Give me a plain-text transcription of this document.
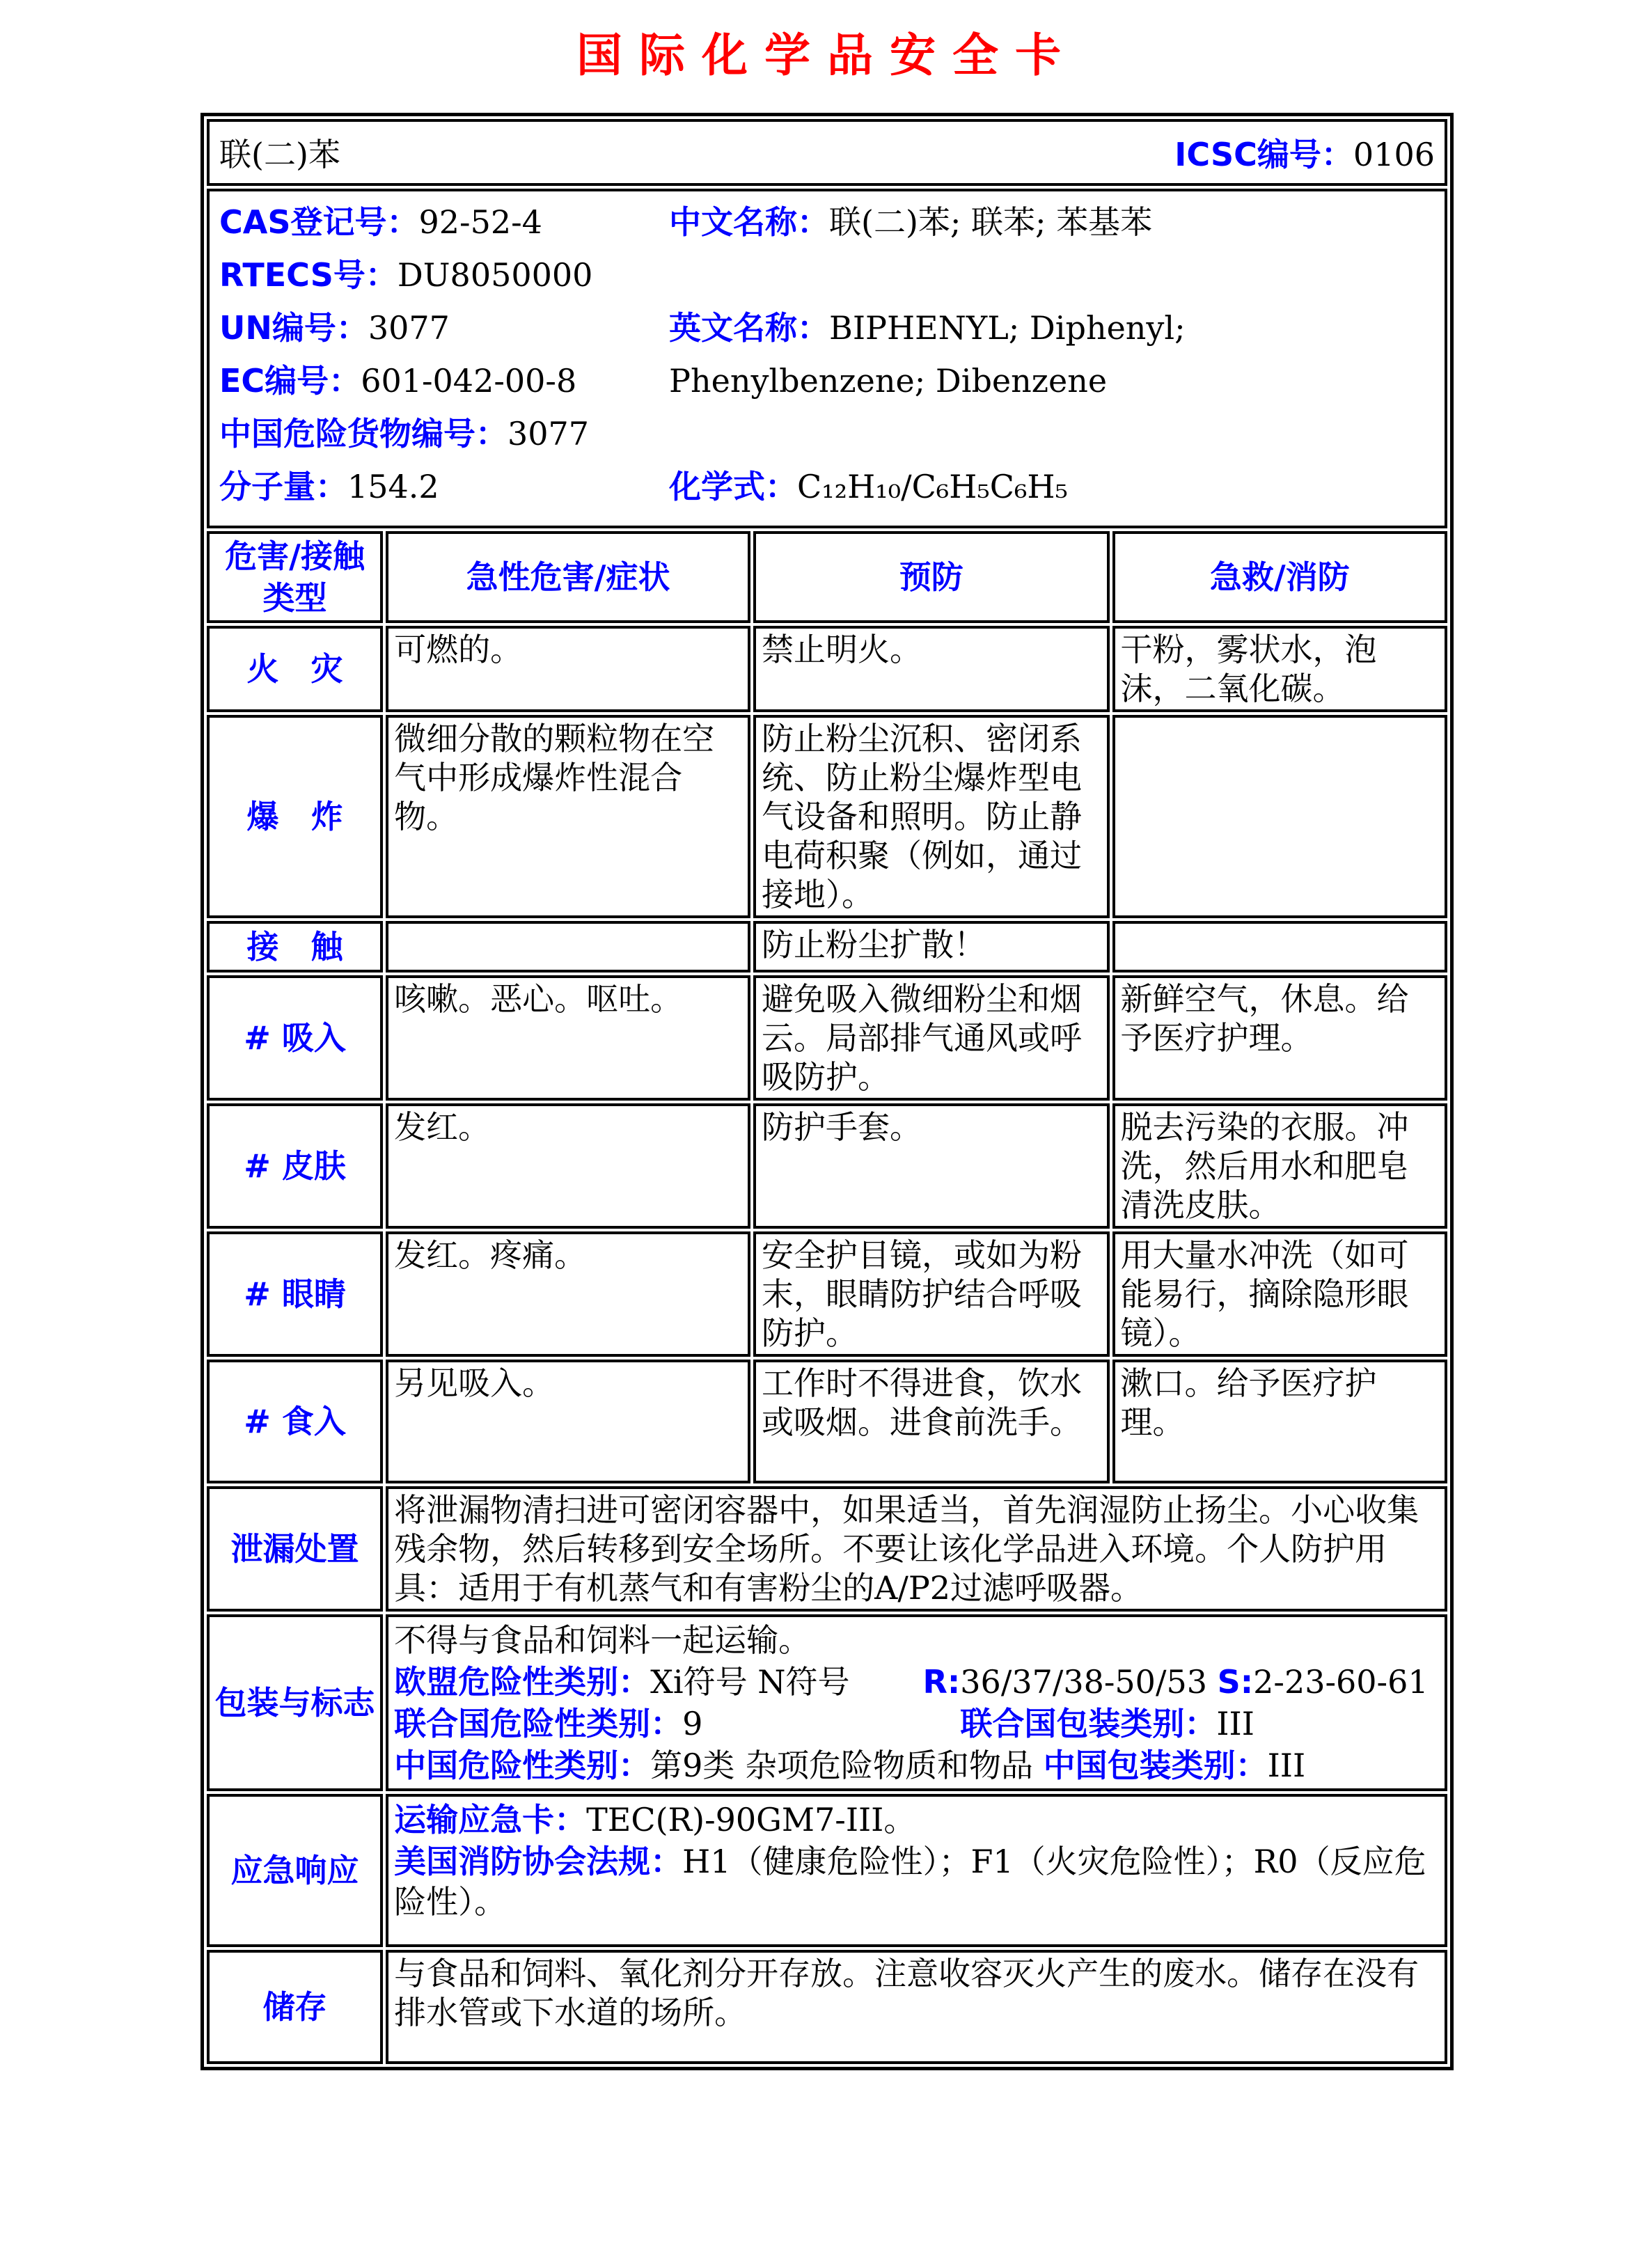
国际化学品安全卡
联(二)苯 ICSC编号：0106			

CAS登记号：92-52-4
RTECS号：DU8050000
UN编号：3077
EC编号：601-042-00-8
中国危险货物编号：3077
分子量：154.2
中文名称：联(二)苯; 联苯; 苯基苯
英文名称：BIPHENYL; Diphenyl; Phenylbenzene; Dibenzene
化学式：C₁₂H₁₀/C₆H₅C₆H₅

危害/接触类型	急性危害/症状	预防	急救/消防
火　灾	可燃的。	禁止明火。	干粉，雾状水，泡沫，二氧化碳。
爆　炸	微细分散的颗粒物在空气中形成爆炸性混合物。	防止粉尘沉积、密闭系统、防止粉尘爆炸型电气设备和照明。防止静电荷积聚（例如，通过接地）。	
接　触		防止粉尘扩散！	
# 吸入	咳嗽。恶心。呕吐。	避免吸入微细粉尘和烟云。局部排气通风或呼吸防护。	新鲜空气，休息。给予医疗护理。
# 皮肤	发红。	防护手套。	脱去污染的衣服。冲洗，然后用水和肥皂清洗皮肤。
# 眼睛	发红。疼痛。	安全护目镜，或如为粉末，眼睛防护结合呼吸防护。	用大量水冲洗（如可能易行，摘除隐形眼镜）。
# 食入	另见吸入。	工作时不得进食，饮水或吸烟。进食前洗手。	漱口。给予医疗护理。
泄漏处置	将泄漏物清扫进可密闭容器中，如果适当，首先润湿防止扬尘。小心收集残余物，然后转移到安全场所。不要让该化学品进入环境。个人防护用具：适用于有机蒸气和有害粉尘的A/P2过滤呼吸器。		

包装与标志	不得与食品和饲料一起运输。
欧盟危险性类别：Xi符号 N符号 R:36/37/38-50/53 S:2-23-60-61
联合国危险性类别：9 联合国包装类别：III
中国危险性类别：第9类 杂项危险物质和物品 中国包装类别：III		

应急响应	运输应急卡：TEC(R)-90GM7-III。
美国消防协会法规：H1（健康危险性）；F1（火灾危险性）；R0（反应危险性）。		

储存	与食品和饲料、氧化剂分开存放。注意收容灭火产生的废水。储存在没有排水管或下水道的场所。		
